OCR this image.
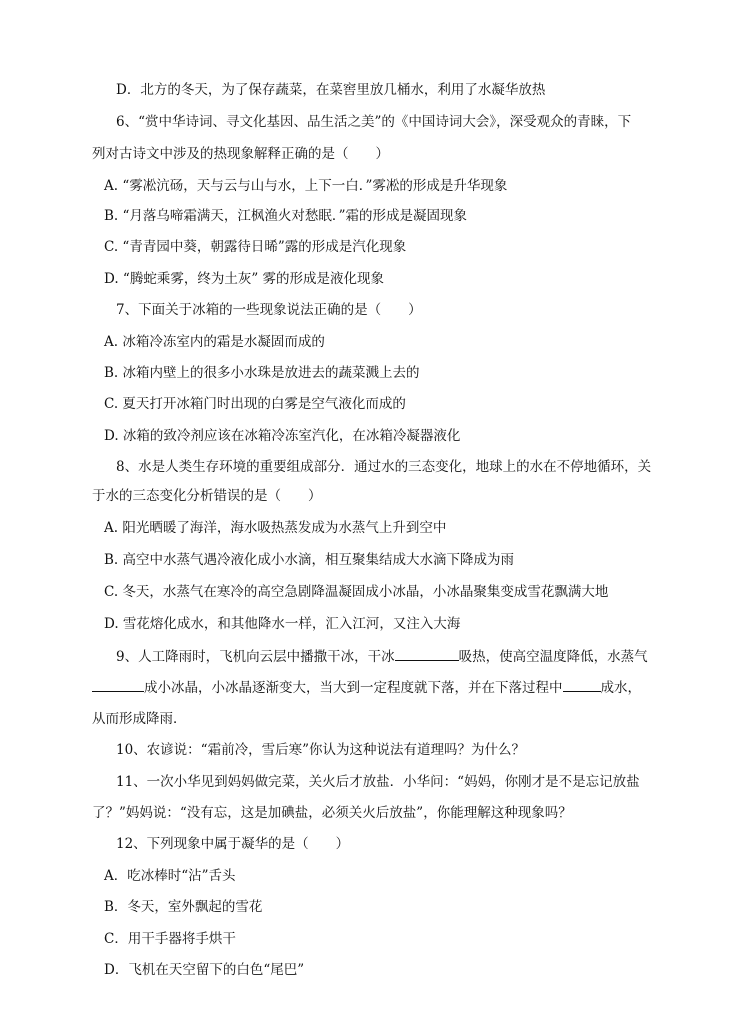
D．北方的冬天，为了保存蔬菜，在菜窖里放几桶水，利用了水凝华放热
6、“赏中华诗词、寻文化基因、品生活之美”的《中国诗词大会》，深受观众的青睐，下
列对古诗文中涉及的热现象解释正确的是（　　）
A. “雾凇沆砀，天与云与山与水，上下一白．”雾凇的形成是升华现象
B. “月落乌啼霜满天，江枫渔火对愁眠．”霜的形成是凝固现象
C. “青青园中葵，朝露待日晞”露的形成是汽化现象
D. “腾蛇乘雾，终为土灰” 雾的形成是液化现象
7、下面关于冰箱的一些现象说法正确的是（　　）
A. 冰箱冷冻室内的霜是水凝固而成的
B. 冰箱内壁上的很多小水珠是放进去的蔬菜溅上去的
C. 夏天打开冰箱门时出现的白雾是空气液化而成的
D. 冰箱的致冷剂应该在冰箱冷冻室汽化，在冰箱冷凝器液化
8、水是人类生存环境的重要组成部分．通过水的三态变化，地球上的水在不停地循环，关
于水的三态变化分析错误的是（　　）
A. 阳光晒暖了海洋，海水吸热蒸发成为水蒸气上升到空中
B. 高空中水蒸气遇冷液化成小水滴，相互聚集结成大水滴下降成为雨
C. 冬天，水蒸气在寒冷的高空急剧降温凝固成小冰晶，小冰晶聚集变成雪花飘满大地
D. 雪花熔化成水，和其他降水一样，汇入江河，又注入大海
9、人工降雨时，飞机向云层中播撒干冰，干冰	吸热，使高空温度降低，水蒸气
成小冰晶，小冰晶逐渐变大，当大到一定程度就下落，并在下落过程中	成水，
从而形成降雨．
10、农谚说：“霜前冷，雪后寒”你认为这种说法有道理吗？为什么？
11、一次小华见到妈妈做完菜，关火后才放盐．小华问：“妈妈，你刚才是不是忘记放盐
了？”妈妈说：“没有忘，这是加碘盐，必须关火后放盐”，你能理解这种现象吗？
12、下列现象中属于凝华的是（　　）
A．吃冰棒时“沾”舌头
B．冬天，室外飘起的雪花
C．用干手器将手烘干
D．飞机在天空留下的白色“尾巴”
